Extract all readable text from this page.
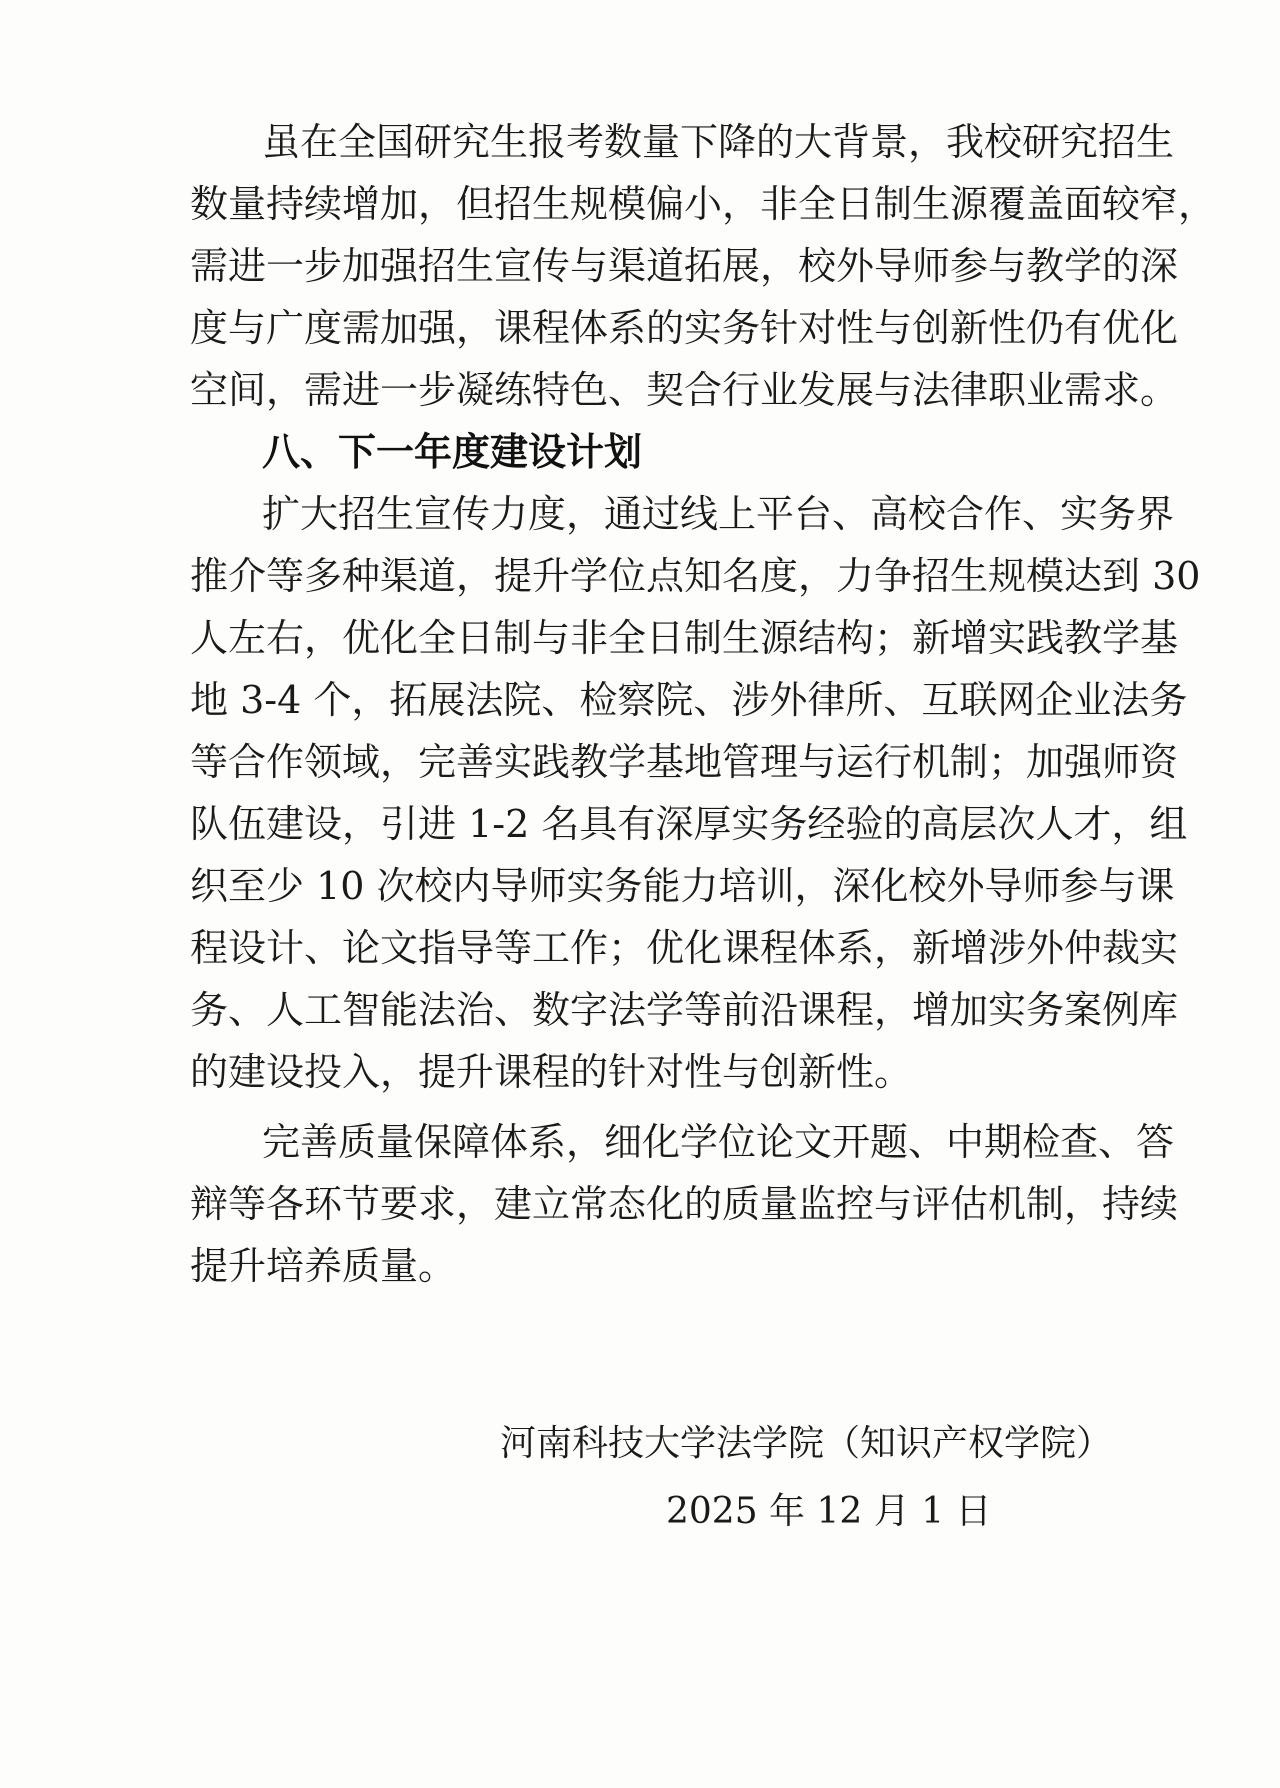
虽在全国研究生报考数量下降的大背景，我校研究招生
数量持续增加，但招生规模偏小，非全日制生源覆盖面较窄，
需进一步加强招生宣传与渠道拓展，校外导师参与教学的深
度与广度需加强，课程体系的实务针对性与创新性仍有优化
空间，需进一步凝练特色、契合行业发展与法律职业需求。
八、下一年度建设计划
扩大招生宣传力度，通过线上平台、高校合作、实务界
推介等多种渠道，提升学位点知名度，力争招生规模达到 30
人左右，优化全日制与非全日制生源结构；新增实践教学基
地 3-4 个，拓展法院、检察院、涉外律所、互联网企业法务
等合作领域，完善实践教学基地管理与运行机制；加强师资
队伍建设，引进 1-2 名具有深厚实务经验的高层次人才，组
织至少 10 次校内导师实务能力培训，深化校外导师参与课
程设计、论文指导等工作；优化课程体系，新增涉外仲裁实
务、人工智能法治、数字法学等前沿课程，增加实务案例库
的建设投入，提升课程的针对性与创新性。
完善质量保障体系，细化学位论文开题、中期检查、答
辩等各环节要求，建立常态化的质量监控与评估机制，持续
提升培养质量。
河南科技大学法学院（知识产权学院）
2025 年 12 月 1 日
